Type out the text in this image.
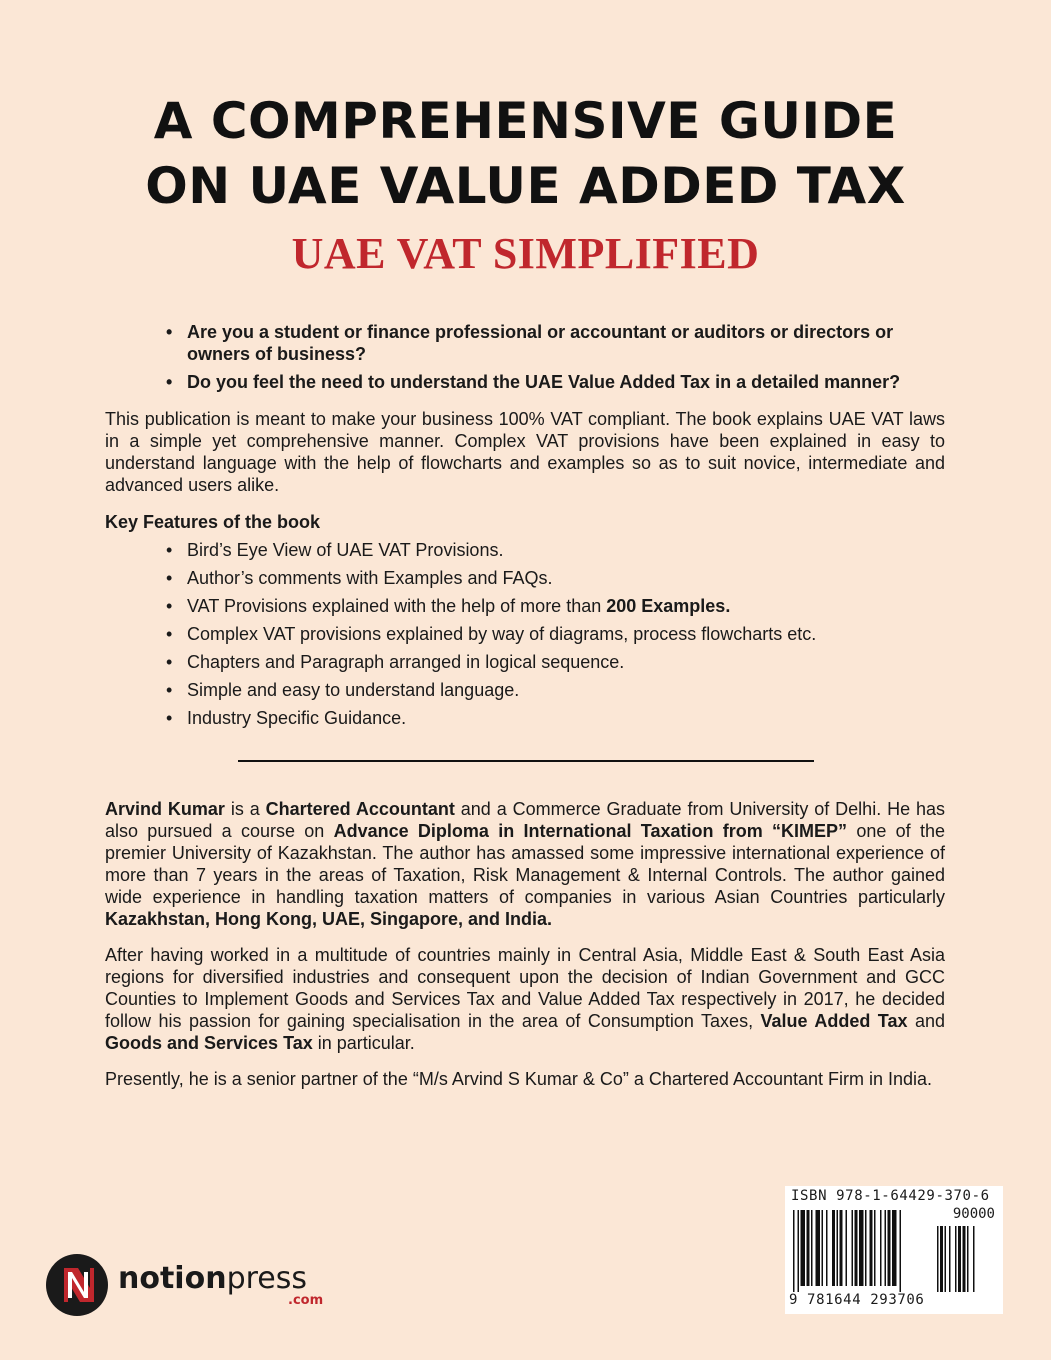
A COMPREHENSIVE GUIDE
ON UAE VALUE ADDED TAX
UAE VAT SIMPLIFIED
• Are you a student or finance professional or accountant or auditors or directors or owners of business?
• Do you feel the need to understand the UAE Value Added Tax in a detailed manner?

This publication is meant to make your business 100% VAT compliant. The book explains UAE VAT laws in a simple yet comprehensive manner. Complex VAT provisions have been explained in easy to understand language with the help of flowcharts and examples so as to suit novice, intermediate and advanced users alike.

Key Features of the book

• Bird’s Eye View of UAE VAT Provisions.
• Author’s comments with Examples and FAQs.
• VAT Provisions explained with the help of more than 200 Examples.
• Complex VAT provisions explained by way of diagrams, process flowcharts etc.
• Chapters and Paragraph arranged in logical sequence.
• Simple and easy to understand language.
• Industry Specific Guidance.

Arvind Kumar is a Chartered Accountant and a Commerce Graduate from University of Delhi. He has also pursued a course on Advance Diploma in International Taxation from “KIMEP” one of the premier University of Kazakhstan. The author has amassed some impressive international experience of more than 7 years in the areas of Taxation, Risk Management & Internal Controls. The author gained wide experience in handling taxation matters of companies in various Asian Countries particularly Kazakhstan, Hong Kong, UAE, Singapore, and India.

After having worked in a multitude of countries mainly in Central Asia, Middle East & South East Asia regions for diversified industries and consequent upon the decision of Indian Government and GCC Counties to Implement Goods and Services Tax and Value Added Tax respectively in 2017, he decided follow his passion for gaining specialisation in the area of Consumption Taxes, Value Added Tax and Goods and Services Tax in particular.

Presently, he is a senior partner of the “M/s Arvind S Kumar & Co” a Chartered Accountant Firm in India.

ISBN 978-1-64429-370-6

90000

9 781644 293706

notionpress

.com
